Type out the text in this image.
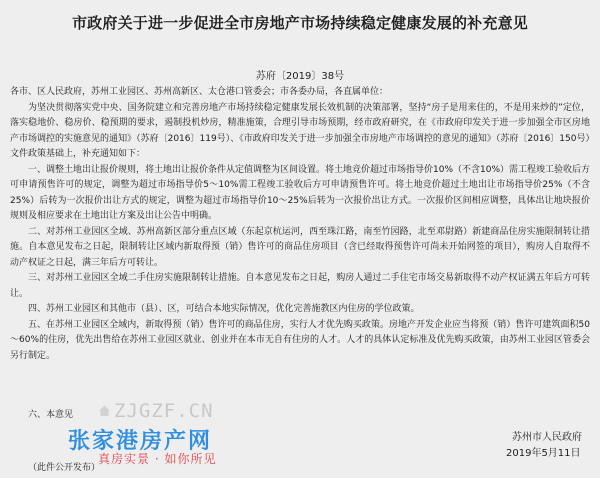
市政府关于进一步促进全市房地产市场持续稳定健康发展的补充意见
苏府〔2019〕38号

各市、区人民政府，苏州工业园区、苏州高新区、太仓港口管委会；市各委办局，各直属单位：

为坚决贯彻落实党中央、国务院建立和完善房地产市场持续稳定健康发展长效机制的决策部署，坚持“房子是用来住的，不是用来炒的”定位，落实稳地价、稳房价、稳预期的要求，遏制投机炒房，精准施策，合理引导市场预期，经市政府研究，在《市政府印发关于进一步加强全市区房地产市场调控的实施意见的通知》（苏府〔2016〕119号）、《市政府印发关于进一步加强全市房地产市场调控的意见的通知》（苏府〔2016〕150号）文件政策基础上，补充通知如下：

一、调整土地出让报价规则，将土地出让报价条件从定值调整为区间设置。将土地竞价超过市场指导价10%（不含10%）需工程竣工验收后方可申请预售许可的规定，调整为超过市场指导价5～10%需工程竣工验收后方可申请预售许可。将土地竞价超过土地出让市场指导价25%（不含25%）后转为一次报价出让方式的规定，调整为超过市场指导价10～25%后转为一次报价出让方式。一次报价区间相应调整，具体出让地块报价规则及相应要求在土地出让方案及出让公告中明确。

二、对苏州工业园区全域、苏州高新区部分重点区域（东起京杭运河，西至珠江路，南至竹园路，北至邓尉路）新建商品住房实施限制转让措施。自本意见发布之日起，限制转让区域内新取得预（销）售许可的商品住房项目（含已经取得预售许可尚未开始网签的项目），购房人自取得不动产权证之日起，满三年后方可转让。

三、对苏州工业园区全域二手住房实施限制转让措施。自本意见发布之日起，购房人通过二手住宅市场交易新取得不动产权证满五年后方可转让。

四、苏州工业园区和其他市（县）、区，可结合本地实际情况，优化完善施教区内住房的学位政策。

五、在苏州工业园区全域内，新取得预（销）售许可的商品住房，实行人才优先购买政策。房地产开发企业应当将预（销）售许可建筑面积50～60%的住房，优先出售给在苏州工业园区就业、创业并在本市无自有住房的人才。人才的具体认定标准及优先购买政策，由苏州工业园区管委会另行制定。

六、本意见 ZJGZF.CN
张家港房产网
真房实景 · 如你所见
苏州市人民政府
2019年5月11日
（此件公开发布）
